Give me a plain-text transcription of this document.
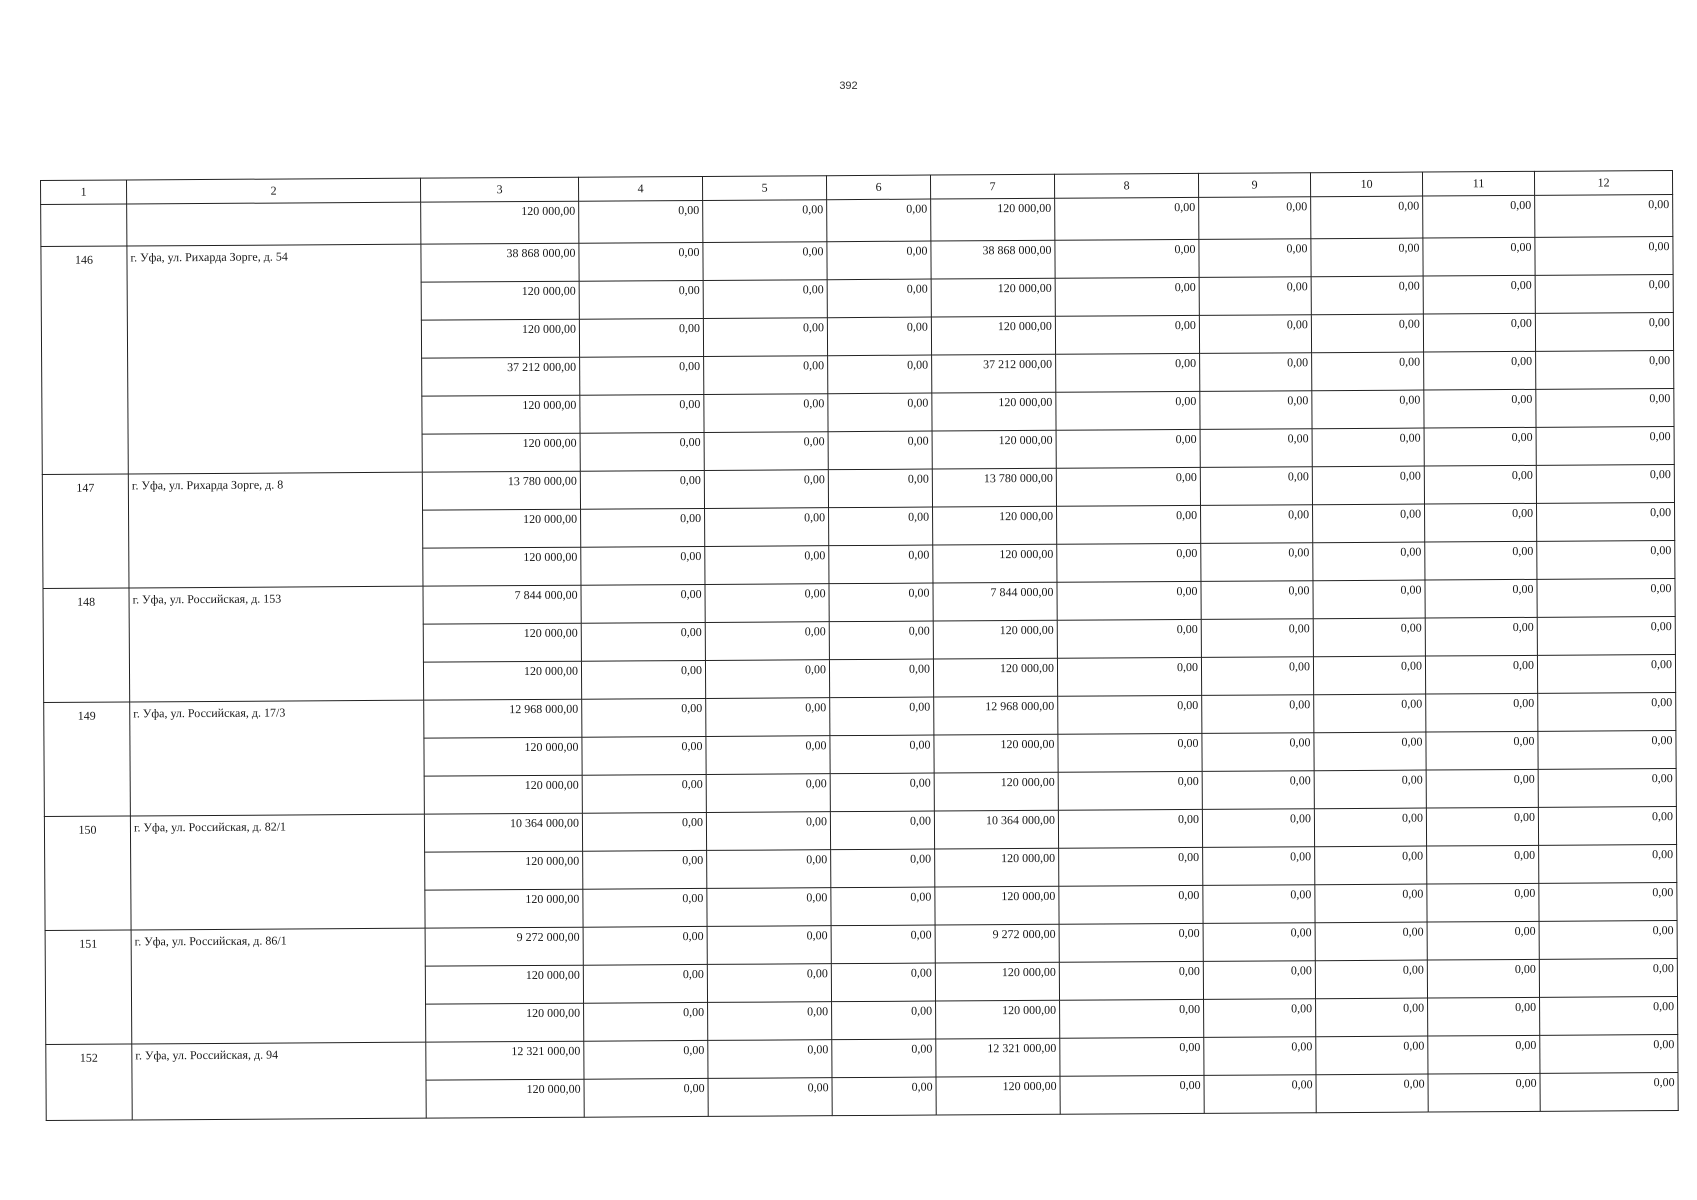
392
1	2	3	4	5	6	7	8	9	10	11	12
		120 000,00	0,00	0,00	0,00	120 000,00	0,00	0,00	0,00	0,00	0,00
146	г. Уфа, ул. Рихарда Зорге, д. 54	38 868 000,00	0,00	0,00	0,00	38 868 000,00	0,00	0,00	0,00	0,00	0,00
		120 000,00	0,00	0,00	0,00	120 000,00	0,00	0,00	0,00	0,00	0,00
		120 000,00	0,00	0,00	0,00	120 000,00	0,00	0,00	0,00	0,00	0,00
		37 212 000,00	0,00	0,00	0,00	37 212 000,00	0,00	0,00	0,00	0,00	0,00
		120 000,00	0,00	0,00	0,00	120 000,00	0,00	0,00	0,00	0,00	0,00
		120 000,00	0,00	0,00	0,00	120 000,00	0,00	0,00	0,00	0,00	0,00
147	г. Уфа, ул. Рихарда Зорге, д. 8	13 780 000,00	0,00	0,00	0,00	13 780 000,00	0,00	0,00	0,00	0,00	0,00
		120 000,00	0,00	0,00	0,00	120 000,00	0,00	0,00	0,00	0,00	0,00
		120 000,00	0,00	0,00	0,00	120 000,00	0,00	0,00	0,00	0,00	0,00
148	г. Уфа, ул. Российская, д. 153	7 844 000,00	0,00	0,00	0,00	7 844 000,00	0,00	0,00	0,00	0,00	0,00
		120 000,00	0,00	0,00	0,00	120 000,00	0,00	0,00	0,00	0,00	0,00
		120 000,00	0,00	0,00	0,00	120 000,00	0,00	0,00	0,00	0,00	0,00
149	г. Уфа, ул. Российская, д. 17/3	12 968 000,00	0,00	0,00	0,00	12 968 000,00	0,00	0,00	0,00	0,00	0,00
		120 000,00	0,00	0,00	0,00	120 000,00	0,00	0,00	0,00	0,00	0,00
		120 000,00	0,00	0,00	0,00	120 000,00	0,00	0,00	0,00	0,00	0,00
150	г. Уфа, ул. Российская, д. 82/1	10 364 000,00	0,00	0,00	0,00	10 364 000,00	0,00	0,00	0,00	0,00	0,00
		120 000,00	0,00	0,00	0,00	120 000,00	0,00	0,00	0,00	0,00	0,00
		120 000,00	0,00	0,00	0,00	120 000,00	0,00	0,00	0,00	0,00	0,00
151	г. Уфа, ул. Российская, д. 86/1	9 272 000,00	0,00	0,00	0,00	9 272 000,00	0,00	0,00	0,00	0,00	0,00
		120 000,00	0,00	0,00	0,00	120 000,00	0,00	0,00	0,00	0,00	0,00
		120 000,00	0,00	0,00	0,00	120 000,00	0,00	0,00	0,00	0,00	0,00
152	г. Уфа, ул. Российская, д. 94	12 321 000,00	0,00	0,00	0,00	12 321 000,00	0,00	0,00	0,00	0,00	0,00
		120 000,00	0,00	0,00	0,00	120 000,00	0,00	0,00	0,00	0,00	0,00
